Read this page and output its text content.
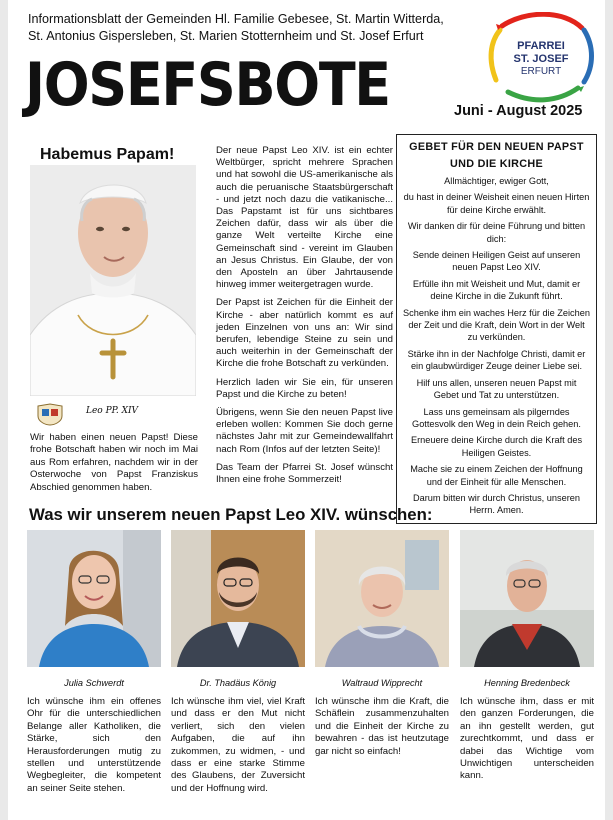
Informationsblatt der Gemeinden Hl. Familie Gebesee, St. Martin Witterda,
St. Antonius Gispersleben, St. Marien Stotternheim und St. Josef Erfurt
PFARREI
ST. JOSEF
ERFURT
JOSEFSBOTE	Juni - August 2025
Habemus Papam!
Leo PP. XIV
Wir haben einen neuen Papst! Diese frohe Botschaft haben wir noch im Mai aus Rom erfahren, nachdem wir in der Osterwoche von Papst Franziskus Abschied genommen haben.

Der neue Papst Leo XIV. ist ein echter Weltbürger, spricht mehrere Sprachen und hat sowohl die US-amerikanische als auch die peruanische Staatsbürgerschaft - und jetzt noch dazu die vatikanische... Das Papstamt ist für uns sichtbares Zeichen dafür, dass wir als über die ganze Welt verteilte Kirche eine Gemeinschaft sind - vereint im Glauben an Jesus Christus. Ein Glaube, der von den Aposteln an über Jahrtausende hinweg immer weitergetragen wurde.

Der Papst ist Zeichen für die Einheit der Kirche - aber natürlich kommt es auf jeden Einzelnen von uns an: Wir sind berufen, lebendige Steine zu sein und auch weiterhin in der Gemeinschaft der Kirche die frohe Botschaft zu verkünden.

Herzlich laden wir Sie ein, für unseren Papst und die Kirche zu beten!

Übrigens, wenn Sie den neuen Papst live erleben wollen: Kommen Sie doch gerne nächstes Jahr mit zur Gemeindewallfahrt nach Rom (Infos auf der letzten Seite)!

Das Team der Pfarrei St. Josef wünscht Ihnen eine frohe Sommerzeit!

GEBET FÜR DEN NEUEN PAPST UND DIE KIRCHE

Allmächtiger, ewiger Gott,

du hast in deiner Weisheit einen neuen Hirten für deine Kirche erwählt.

Wir danken dir für deine Führung und bitten dich:

Sende deinen Heiligen Geist auf unseren neuen Papst Leo XIV.

Erfülle ihn mit Weisheit und Mut, damit er deine Kirche in die Zukunft führt.

Schenke ihm ein waches Herz für die Zeichen der Zeit und die Kraft, dein Wort in der Welt zu verkünden.

Stärke ihn in der Nachfolge Christi, damit er ein glaubwürdiger Zeuge deiner Liebe sei.

Hilf uns allen, unseren neuen Papst mit Gebet und Tat zu unterstützen.

Lass uns gemeinsam als pilgerndes Gottesvolk den Weg in dein Reich gehen.

Erneuere deine Kirche durch die Kraft des Heiligen Geistes.

Mache sie zu einem Zeichen der Hoffnung und der Einheit für alle Menschen.

Darum bitten wir durch Christus, unseren Herrn. Amen.

Was wir unserem neuen Papst Leo XIV. wünschen:
Julia Schwerdt
Ich wünsche ihm ein offenes Ohr für die unterschiedlichen Belange aller Katholiken, die Stärke, sich den Herausforderungen mutig zu stellen und unterstützende Wegbegleiter, die kompetent an seiner Seite stehen.
Dr. Thadäus König
Ich wünsche ihm viel, viel Kraft und dass er den Mut nicht verliert, sich den vielen Aufgaben, die auf ihn zukommen, zu widmen, - und dass er eine starke Stimme des Glaubens, der Zuversicht und der Hoffnung wird.
Waltraud Wipprecht
Ich wünsche ihm die Kraft, die Schäflein zusammenzuhalten und die Einheit der Kirche zu bewahren - das ist heutzutage gar nicht so einfach!
Henning Bredenbeck
Ich wünsche ihm, dass er mit den ganzen Forderungen, die an ihn gestellt werden, gut zurechtkommt, und dass er dabei das Wichtige vom Unwichtigen unterscheiden kann.
